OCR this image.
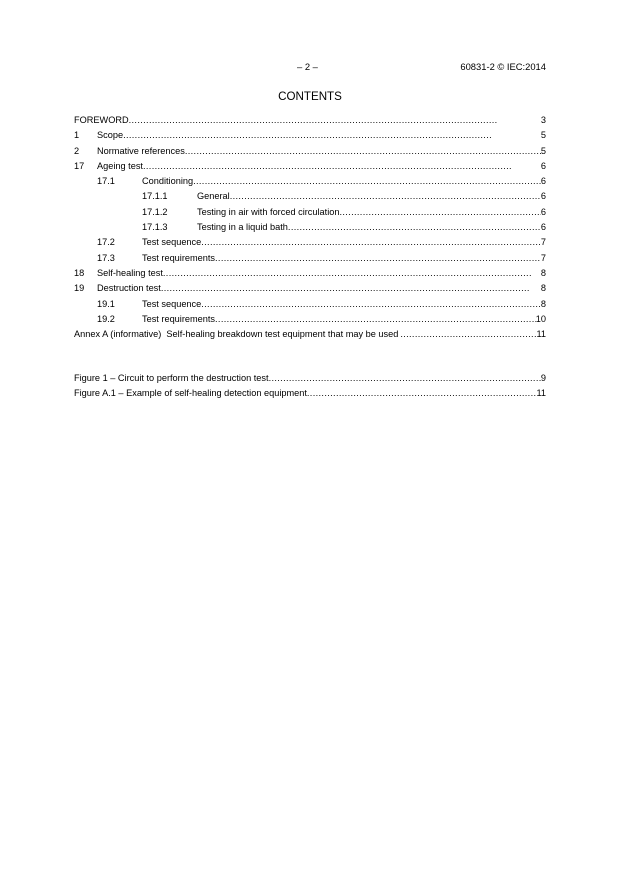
– 2 –	60831-2 © IEC:2014
CONTENTS
FOREWORD . . .	3
1	Scope . . .	5
2	Normative references . . .	5
17	Ageing test . . .	6
17.1	Conditioning . . .	6
17.1.1	General . . .	6
17.1.2	Testing in air with forced circulation . . .	6
17.1.3	Testing in a liquid bath . . .	6
17.2	Test sequence . . .	7
17.3	Test requirements . . .	7
18	Self-healing test . . .	8
19	Destruction test . . .	8
19.1	Test sequence . . .	8
19.2	Test requirements . . .	10
Annex A (informative)  Self-healing breakdown test equipment that may be used . . .	11
Figure 1 – Circuit to perform the destruction test . . .	9
Figure A.1 – Example of self-healing detection equipment . . .	11
